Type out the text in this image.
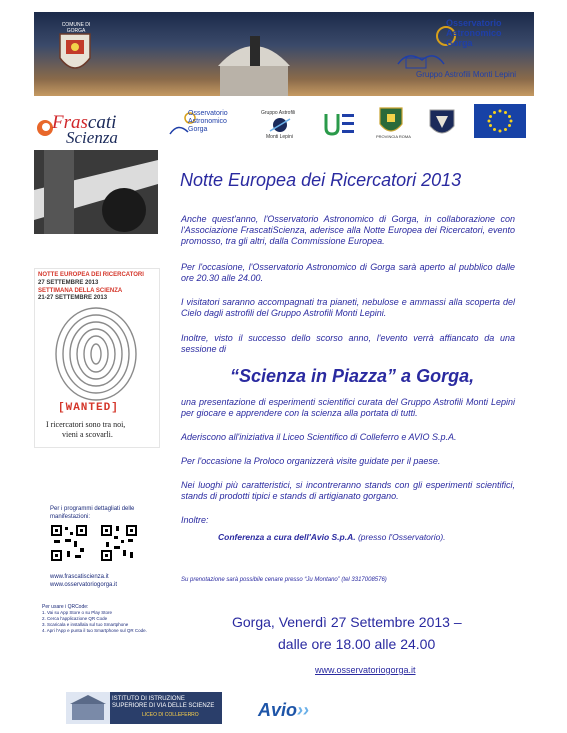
COMUNE DI GORGA
Osservatorio
Astronomico
Gorga
Gruppo Astrofili Monti Lepini
Frascati
Scienza
Osservatorio Astronomico Gorga
Gruppo Astrofili
Monti Lepini	PROVINCIA ROMA
NOTTE EUROPEA DEI RICERCATORI
27 SETTEMBRE 2013
SETTIMANA DELLA SCIENZA
21-27 SETTEMBRE 2013
[WANTED]
I ricercatori sono tra noi,
vieni a scovarli.
Per i programmi dettagliati delle manifestazioni:
www.frascatiscienza.it
www.osservatoriogorga.it
Per usare i QRCode:
1. Vai su App Store o su Play Store
2. Cerca l'applicazione QR Code
3. Scaricala e installala sul tuo Smartphone
4. Apri l'App e punta il tuo Smartphone sul QR Code.
Notte Europea dei Ricercatori 2013
Anche quest'anno, l'Osservatorio Astronomico di Gorga, in collaborazione con l'Associazione FrascatiScienza, aderisce alla Notte Europea dei Ricercatori, evento promosso, tra gli altri, dalla Commissione Europea.
Per l'occasione, l'Osservatorio Astronomico di Gorga sarà aperto al pubblico dalle ore 20.30 alle 24.00.
I visitatori saranno accompagnati tra pianeti, nebulose e ammassi alla scoperta del Cielo dagli astrofili del Gruppo Astrofili Monti Lepini.
Inoltre, visto il successo dello scorso anno, l'evento verrà affiancato da una sessione di
“Scienza in Piazza” a Gorga,
una presentazione di esperimenti scientifici curata del Gruppo Astrofili Monti Lepini per giocare e apprendere con la scienza alla portata di tutti.
Aderiscono all'iniziativa il Liceo Scientifico di Colleferro e AVIO S.p.A.
Per l'occasione la Proloco organizzerà visite guidate per il paese.
Nei luoghi più caratteristici, si incontreranno stands con gli esperimenti scientifici, stands di prodotti tipici e stands di artigianato gorgano.
Inoltre:
Conferenza a cura dell'Avio S.p.A. (presso l'Osservatorio).
Su prenotazione sarà possibile cenare presso “Ju Montano” (tel 3317008576)
Gorga, Venerdì 27 Settembre 2013 –
dalle ore 18.00 alle 24.00
www.osservatoriogorga.it
ISTITUTO DI ISTRUZIONE SUPERIORE DI VIA DELLE SCIENZE
LICEO DI COLLEFERRO	Avio››
